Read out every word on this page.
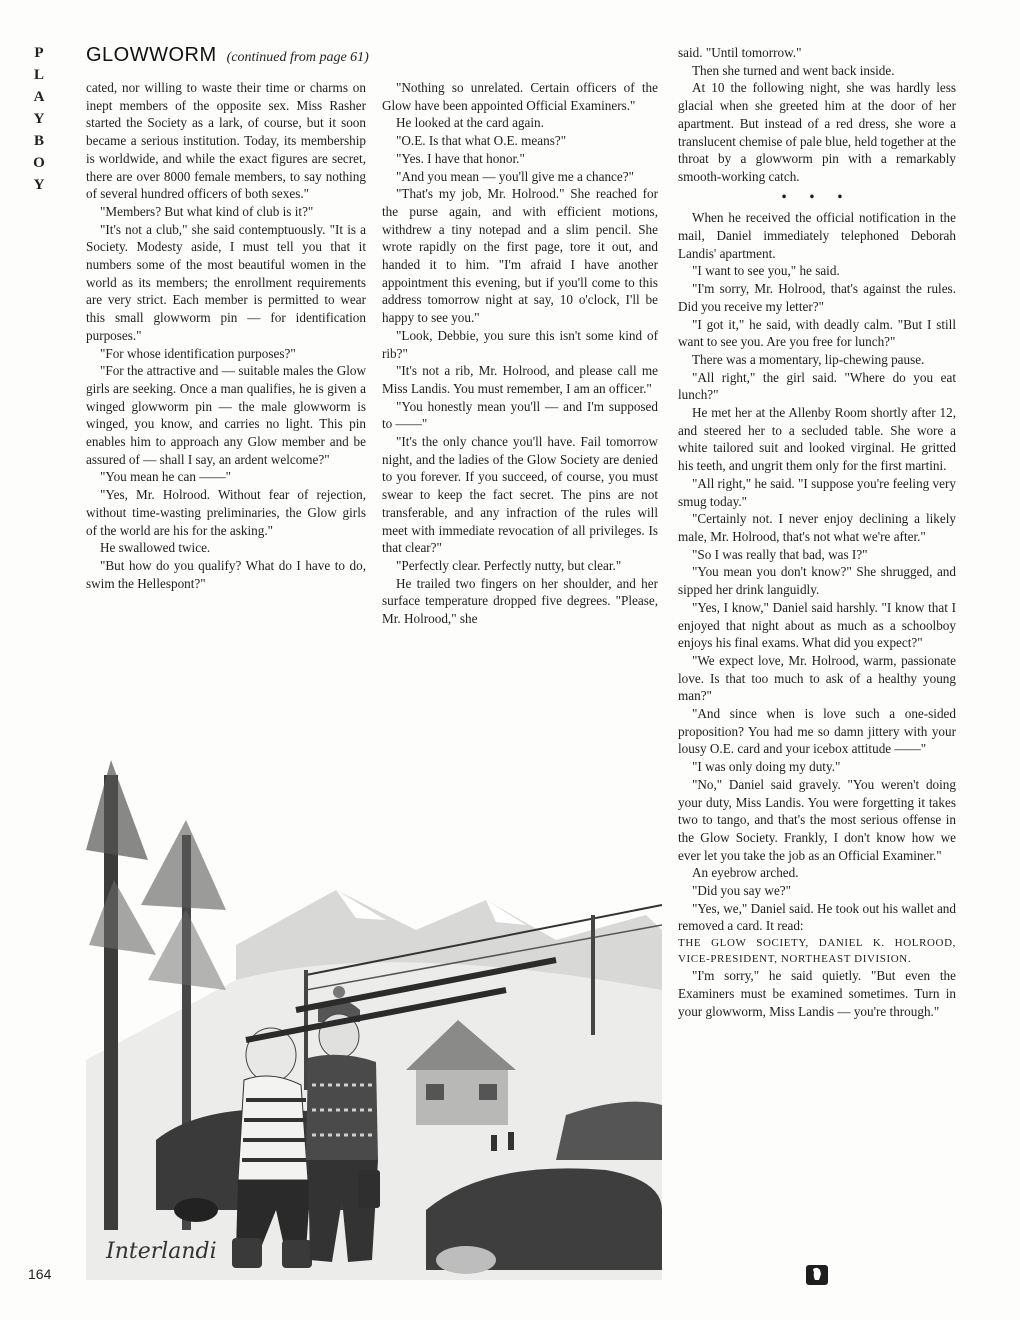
P
L
A
Y
B
O
Y
GLOWWORM (continued from page 61)

cated, nor willing to waste their time or charms on inept members of the opposite sex. Miss Rasher started the Society as a lark, of course, but it soon became a serious institution. Today, its membership is worldwide, and while the exact figures are secret, there are over 8000 female members, to say nothing of several hundred officers of both sexes."

"Members? But what kind of club is it?"

"It's not a club," she said contemptuously. "It is a Society. Modesty aside, I must tell you that it numbers some of the most beautiful women in the world as its members; the enrollment requirements are very strict. Each member is permitted to wear this small glowworm pin — for identification purposes."

"For whose identification purposes?"

"For the attractive and — suitable males the Glow girls are seeking. Once a man qualifies, he is given a winged glowworm pin — the male glowworm is winged, you know, and carries no light. This pin enables him to approach any Glow member and be assured of — shall I say, an ardent welcome?"

"You mean he can ——"

"Yes, Mr. Holrood. Without fear of rejection, without time-wasting preliminaries, the Glow girls of the world are his for the asking."

He swallowed twice.

"But how do you qualify? What do I have to do, swim the Hellespont?"

"Nothing so unrelated. Certain officers of the Glow have been appointed Official Examiners."

He looked at the card again.

"O.E. Is that what O.E. means?"

"Yes. I have that honor."

"And you mean — you'll give me a chance?"

"That's my job, Mr. Holrood." She reached for the purse again, and with efficient motions, withdrew a tiny notepad and a slim pencil. She wrote rapidly on the first page, tore it out, and handed it to him. "I'm afraid I have another appointment this evening, but if you'll come to this address tomorrow night at say, 10 o'clock, I'll be happy to see you."

"Look, Debbie, you sure this isn't some kind of rib?"

"It's not a rib, Mr. Holrood, and please call me Miss Landis. You must remember, I am an officer."

"You honestly mean you'll — and I'm supposed to ——"

"It's the only chance you'll have. Fail tomorrow night, and the ladies of the Glow Society are denied to you forever. If you succeed, of course, you must swear to keep the fact secret. The pins are not transferable, and any infraction of the rules will meet with immediate revocation of all privileges. Is that clear?"

"Perfectly clear. Perfectly nutty, but clear."

He trailed two fingers on her shoulder, and her surface temperature dropped five degrees. "Please, Mr. Holrood," she

said. "Until tomorrow."

Then she turned and went back inside.

At 10 the following night, she was hardly less glacial when she greeted him at the door of her apartment. But instead of a red dress, she wore a translucent chemise of pale blue, held together at the throat by a glowworm pin with a remarkably smooth-working catch.

• • •

When he received the official notification in the mail, Daniel immediately telephoned Deborah Landis' apartment.

"I want to see you," he said.

"I'm sorry, Mr. Holrood, that's against the rules. Did you receive my letter?"

"I got it," he said, with deadly calm. "But I still want to see you. Are you free for lunch?"

There was a momentary, lip-chewing pause.

"All right," the girl said. "Where do you eat lunch?"

He met her at the Allenby Room shortly after 12, and steered her to a secluded table. She wore a white tailored suit and looked virginal. He gritted his teeth, and ungrit them only for the first martini.

"All right," he said. "I suppose you're feeling very smug today."

"Certainly not. I never enjoy declining a likely male, Mr. Holrood, that's not what we're after."

"So I was really that bad, was I?"

"You mean you don't know?" She shrugged, and sipped her drink languidly.

"Yes, I know," Daniel said harshly. "I know that I enjoyed that night about as much as a schoolboy enjoys his final exams. What did you expect?"

"We expect love, Mr. Holrood, warm, passionate love. Is that too much to ask of a healthy young man?"

"And since when is love such a one-sided proposition? You had me so damn jittery with your lousy O.E. card and your icebox attitude ——"

"I was only doing my duty."

"No," Daniel said gravely. "You weren't doing your duty, Miss Landis. You were forgetting it takes two to tango, and that's the most serious offense in the Glow Society. Frankly, I don't know how we ever let you take the job as an Official Examiner."

An eyebrow arched.

"Did you say we?"

"Yes, we," Daniel said. He took out his wallet and removed a card. It read:

THE GLOW SOCIETY, DANIEL K. HOLROOD, VICE-PRESIDENT, NORTHEAST DIVISION.

"I'm sorry," he said quietly. "But even the Examiners must be examined sometimes. Turn in your glowworm, Miss Landis — you're through."

Interlandi
164
